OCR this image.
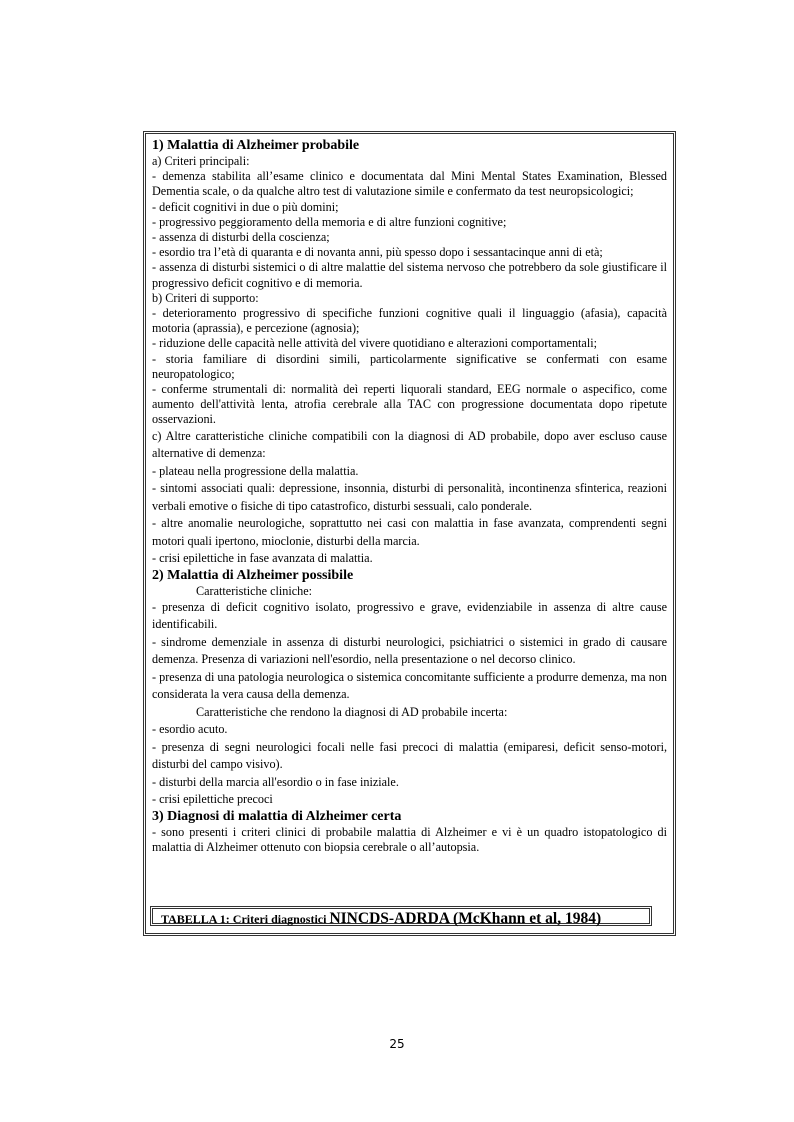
1) Malattia di Alzheimer probabile

a) Criteri principali:

- demenza stabilita all’esame clinico e documentata dal Mini Mental States Examination, Blessed Dementia scale, o da qualche altro test di valutazione simile e confermato da test neuropsicologici;

- deficit cognitivi in due o più domini;

- progressivo peggioramento della memoria e di altre funzioni cognitive;

- assenza di disturbi della coscienza;

- esordio tra l’età di quaranta e di novanta anni, più spesso dopo i sessantacinque anni di età;

- assenza di disturbi sistemici o di altre malattie del sistema nervoso che potrebbero da sole giustificare il progressivo deficit cognitivo e di memoria.

b) Criteri di supporto:

- deterioramento progressivo di specifiche funzioni cognitive quali il linguaggio (afasia), capacità motoria (aprassia), e percezione (agnosia);

- riduzione delle capacità nelle attività del vivere quotidiano e alterazioni comportamentali;

- storia familiare di disordini simili, particolarmente significative se confermati con esame neuropatologico;

- conferme strumentali di: normalità deì reperti liquorali standard, EEG normale o aspecifico, come aumento dell'attività lenta, atrofia cerebrale alla TAC con progressione documentata dopo ripetute osservazioni.

c) Altre caratteristiche cliniche compatibili con la diagnosi di AD probabile, dopo aver escluso cause alternative di demenza:

- plateau nella progressione della malattia.

- sintomi associati quali: depressione, insonnia, disturbi di personalità, incontinenza sfinterica, reazioni verbali emotive o fisiche di tipo catastrofico, disturbi sessuali, calo ponderale.

- altre anomalie neurologiche, soprattutto nei casi con malattia in fase avanzata, comprendenti segni motori quali ipertono, mioclonie, disturbi della marcia.

- crisi epilettiche in fase avanzata di malattia.

2) Malattia di Alzheimer possibile

Caratteristiche cliniche:

- presenza di deficit cognitivo isolato, progressivo e grave, evidenziabile in assenza di altre cause identificabili.

- sindrome demenziale in assenza di disturbi neurologici, psichiatrici o sistemici in grado di causare demenza. Presenza di variazioni nell'esordio, nella presentazione o nel decorso clinico.

- presenza di una patologia neurologica o sistemica concomitante sufficiente a produrre demenza, ma non considerata la vera causa della demenza.

Caratteristiche che rendono la diagnosi di AD probabile incerta:

- esordio acuto.

- presenza di segni neurologici focali nelle fasi precoci di malattia (emiparesi, deficit senso-motori, disturbi del campo visivo).

- disturbi della marcia all'esordio o in fase iniziale.

- crisi epilettiche precoci

3) Diagnosi di malattia di Alzheimer certa

- sono presenti i criteri clinici di probabile malattia di Alzheimer e vi è un quadro istopatologico di malattia di Alzheimer ottenuto con biopsia cerebrale o all’autopsia.

TABELLA 1: Criteri diagnostici NINCDS-ADRDA (McKhann et al, 1984)
25
